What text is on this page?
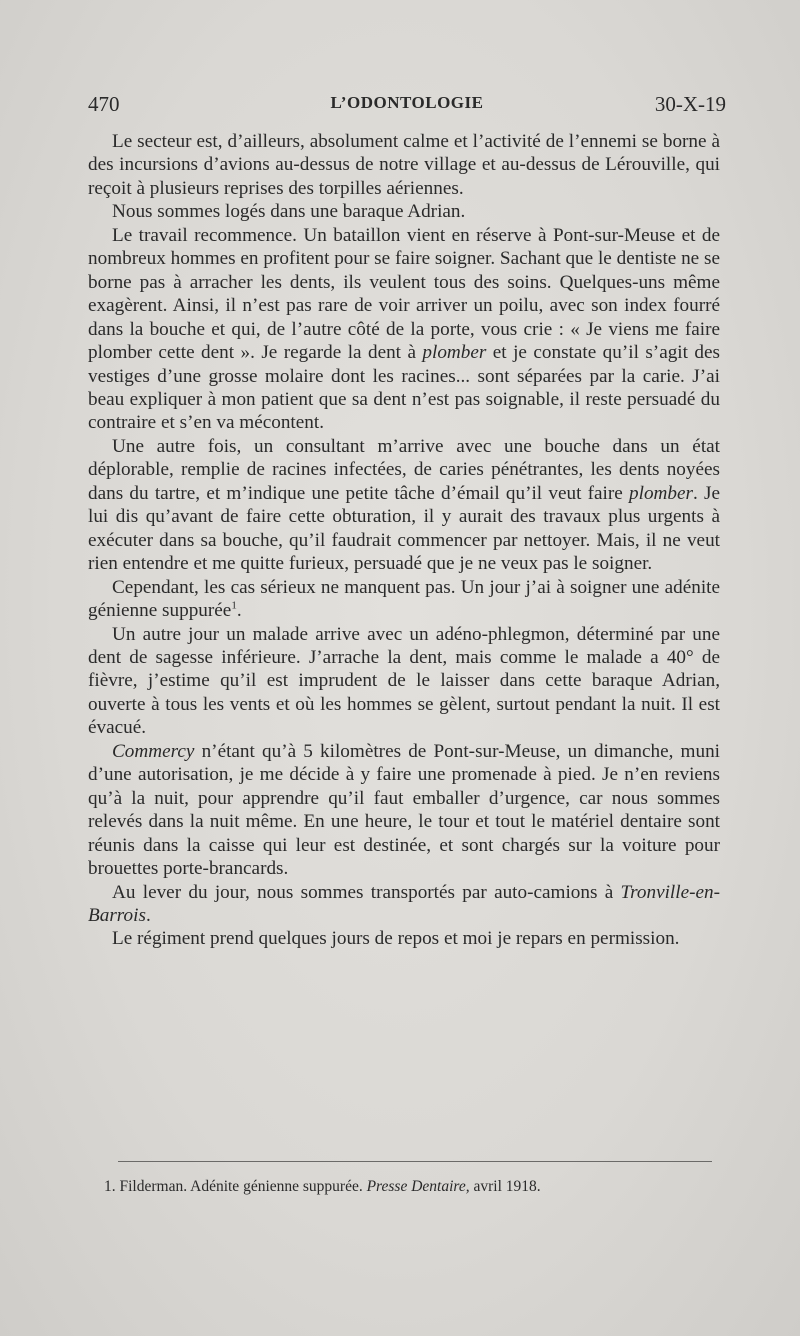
470	L’ODONTOLOGIE	30-X-19

Le secteur est, d’ailleurs, absolument calme et l’activité de l’ennemi se borne à des incursions d’avions au-dessus de notre village et au-dessus de Lérouville, qui reçoit à plusieurs reprises des torpilles aériennes.

Nous sommes logés dans une baraque Adrian.

Le travail recommence. Un bataillon vient en réserve à Pont-sur-Meuse et de nombreux hommes en profitent pour se faire soigner. Sachant que le dentiste ne se borne pas à arracher les dents, ils veulent tous des soins. Quelques-uns même exagèrent. Ainsi, il n’est pas rare de voir arriver un poilu, avec son index fourré dans la bouche et qui, de l’autre côté de la porte, vous crie : « Je viens me faire plomber cette dent ». Je regarde la dent à plomber et je constate qu’il s’agit des vestiges d’une grosse molaire dont les racines... sont séparées par la carie. J’ai beau expliquer à mon patient que sa dent n’est pas soignable, il reste persuadé du contraire et s’en va mécontent.

Une autre fois, un consultant m’arrive avec une bouche dans un état déplorable, remplie de racines infectées, de caries pénétrantes, les dents noyées dans du tartre, et m’indique une petite tâche d’émail qu’il veut faire plomber. Je lui dis qu’avant de faire cette obturation, il y aurait des travaux plus urgents à exécuter dans sa bouche, qu’il faudrait commencer par nettoyer. Mais, il ne veut rien entendre et me quitte furieux, persuadé que je ne veux pas le soigner.

Cependant, les cas sérieux ne manquent pas. Un jour j’ai à soigner une adénite génienne suppurée$^1$.

Un autre jour un malade arrive avec un adéno-phlegmon, déterminé par une dent de sagesse inférieure. J’arrache la dent, mais comme le malade a 40° de fièvre, j’estime qu’il est imprudent de le laisser dans cette baraque Adrian, ouverte à tous les vents et où les hommes se gèlent, surtout pendant la nuit. Il est évacué.

Commercy n’étant qu’à 5 kilomètres de Pont-sur-Meuse, un dimanche, muni d’une autorisation, je me décide à y faire une promenade à pied. Je n’en reviens qu’à la nuit, pour apprendre qu’il faut emballer d’urgence, car nous sommes relevés dans la nuit même. En une heure, le tour et tout le matériel dentaire sont réunis dans la caisse qui leur est destinée, et sont chargés sur la voiture pour brouettes porte-brancards.

Au lever du jour, nous sommes transportés par auto-camions à Tronville-en-Barrois.

Le régiment prend quelques jours de repos et moi je repars en permission.

1. Filderman. Adénite génienne suppurée. Presse Dentaire, avril 1918.
